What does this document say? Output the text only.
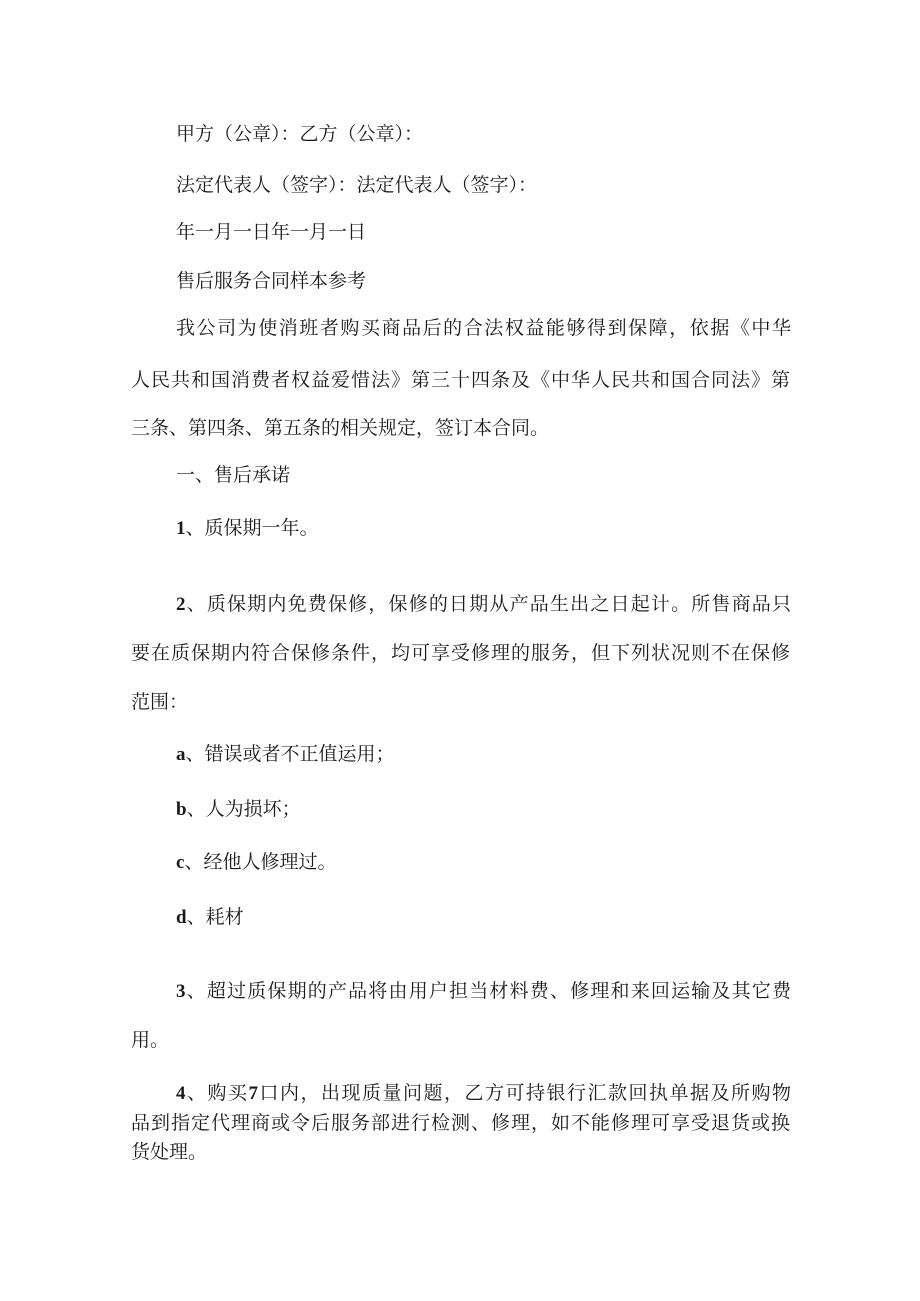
甲方（公章）：乙方（公章）：
法定代表人（签字）：法定代表人（签字）：
年一月一日年一月一日
售后服务合同样本参考
我公司为使消班者购买商品后的合法权益能够得到保障，依据《中华
人民共和国消费者权益爱惜法》第三十四条及《中华人民共和国合同法》第
三条、第四条、第五条的相关规定，签订本合同。
一、售后承诺
1、质保期一年。
2、质保期内免费保修，保修的日期从产品生出之日起计。所售商品只
要在质保期内符合保修条件，均可享受修理的服务，但下列状况则不在保修
范围：
a、错误或者不正值运用；
b、人为损坏；
c、经他人修理过。
d、耗材
3、超过质保期的产品将由用户担当材料费、修理和来回运输及其它费
用。
4、购买7口内，出现质量问题，乙方可持银行汇款回执单据及所购物
品到指定代理商或令后服务部进行检测、修理，如不能修理可享受退货或换
货处理。
